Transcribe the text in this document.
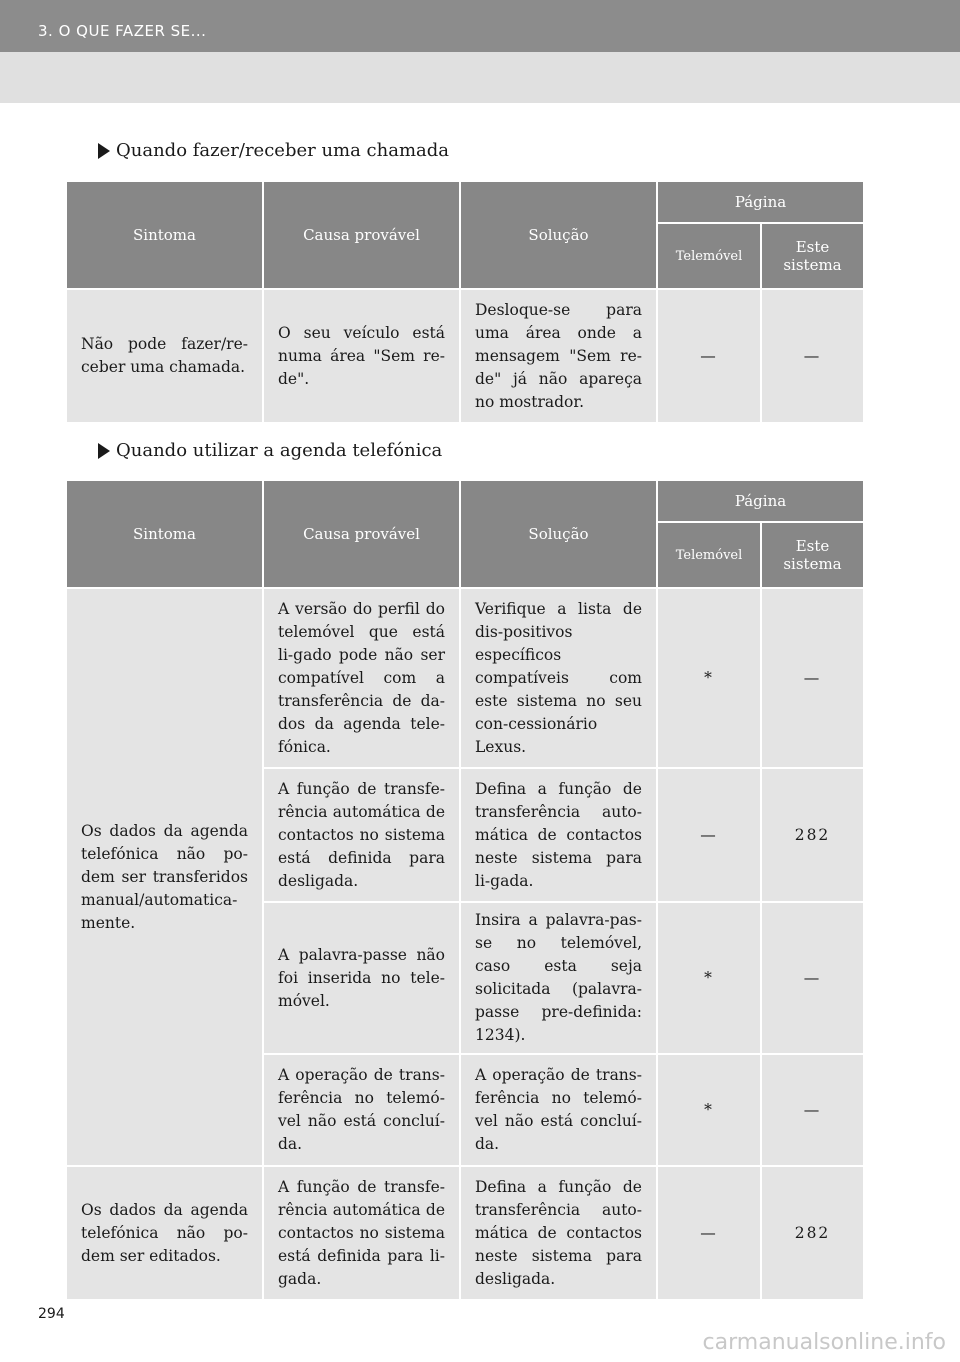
3. O QUE FAZER SE...
Quando fazer/receber uma chamada
Sintoma	Causa provável	Solução	Página	
			Telemóvel	Este sistema
Não pode fazer/re-ceber uma chamada.	O seu veículo está numa área "Sem re-de".	Desloque-se para uma área onde a mensagem "Sem re-de" já não apareça no mostrador.	—	—
Quando utilizar a agenda telefónica
Sintoma	Causa provável	Solução	Página	
			Telemóvel	Este sistema
Os dados da agenda telefónica não po-dem ser transferidos manual/automatica-mente.	A versão do perfil do telemóvel que está li-gado pode não ser compatível com a transferência de da-dos da agenda tele-fónica.	Verifique a lista de dis-positivos específicos compatíveis com este sistema no seu con-cessionário Lexus.	*	—
	A função de transfe-rência automática de contactos no sistema está definida para desligada.	Defina a função de transferência auto-mática de contactos neste sistema para li-gada.	—	282
	A palavra-passe não foi inserida no tele-móvel.	Insira a palavra-pas-se no telemóvel, caso esta seja solicitada (palavra-passe pre-definida: 1234).	*	—
	A operação de trans-ferência no telemó-vel não está concluí-da.	A operação de trans-ferência no telemó-vel não está concluí-da.	*	—
Os dados da agenda telefónica não po-dem ser editados.	A função de transfe-rência automática de contactos no sistema está definida para li-gada.	Defina a função de transferência auto-mática de contactos neste sistema para desligada.	—	282
294
carmanualsonline.info
